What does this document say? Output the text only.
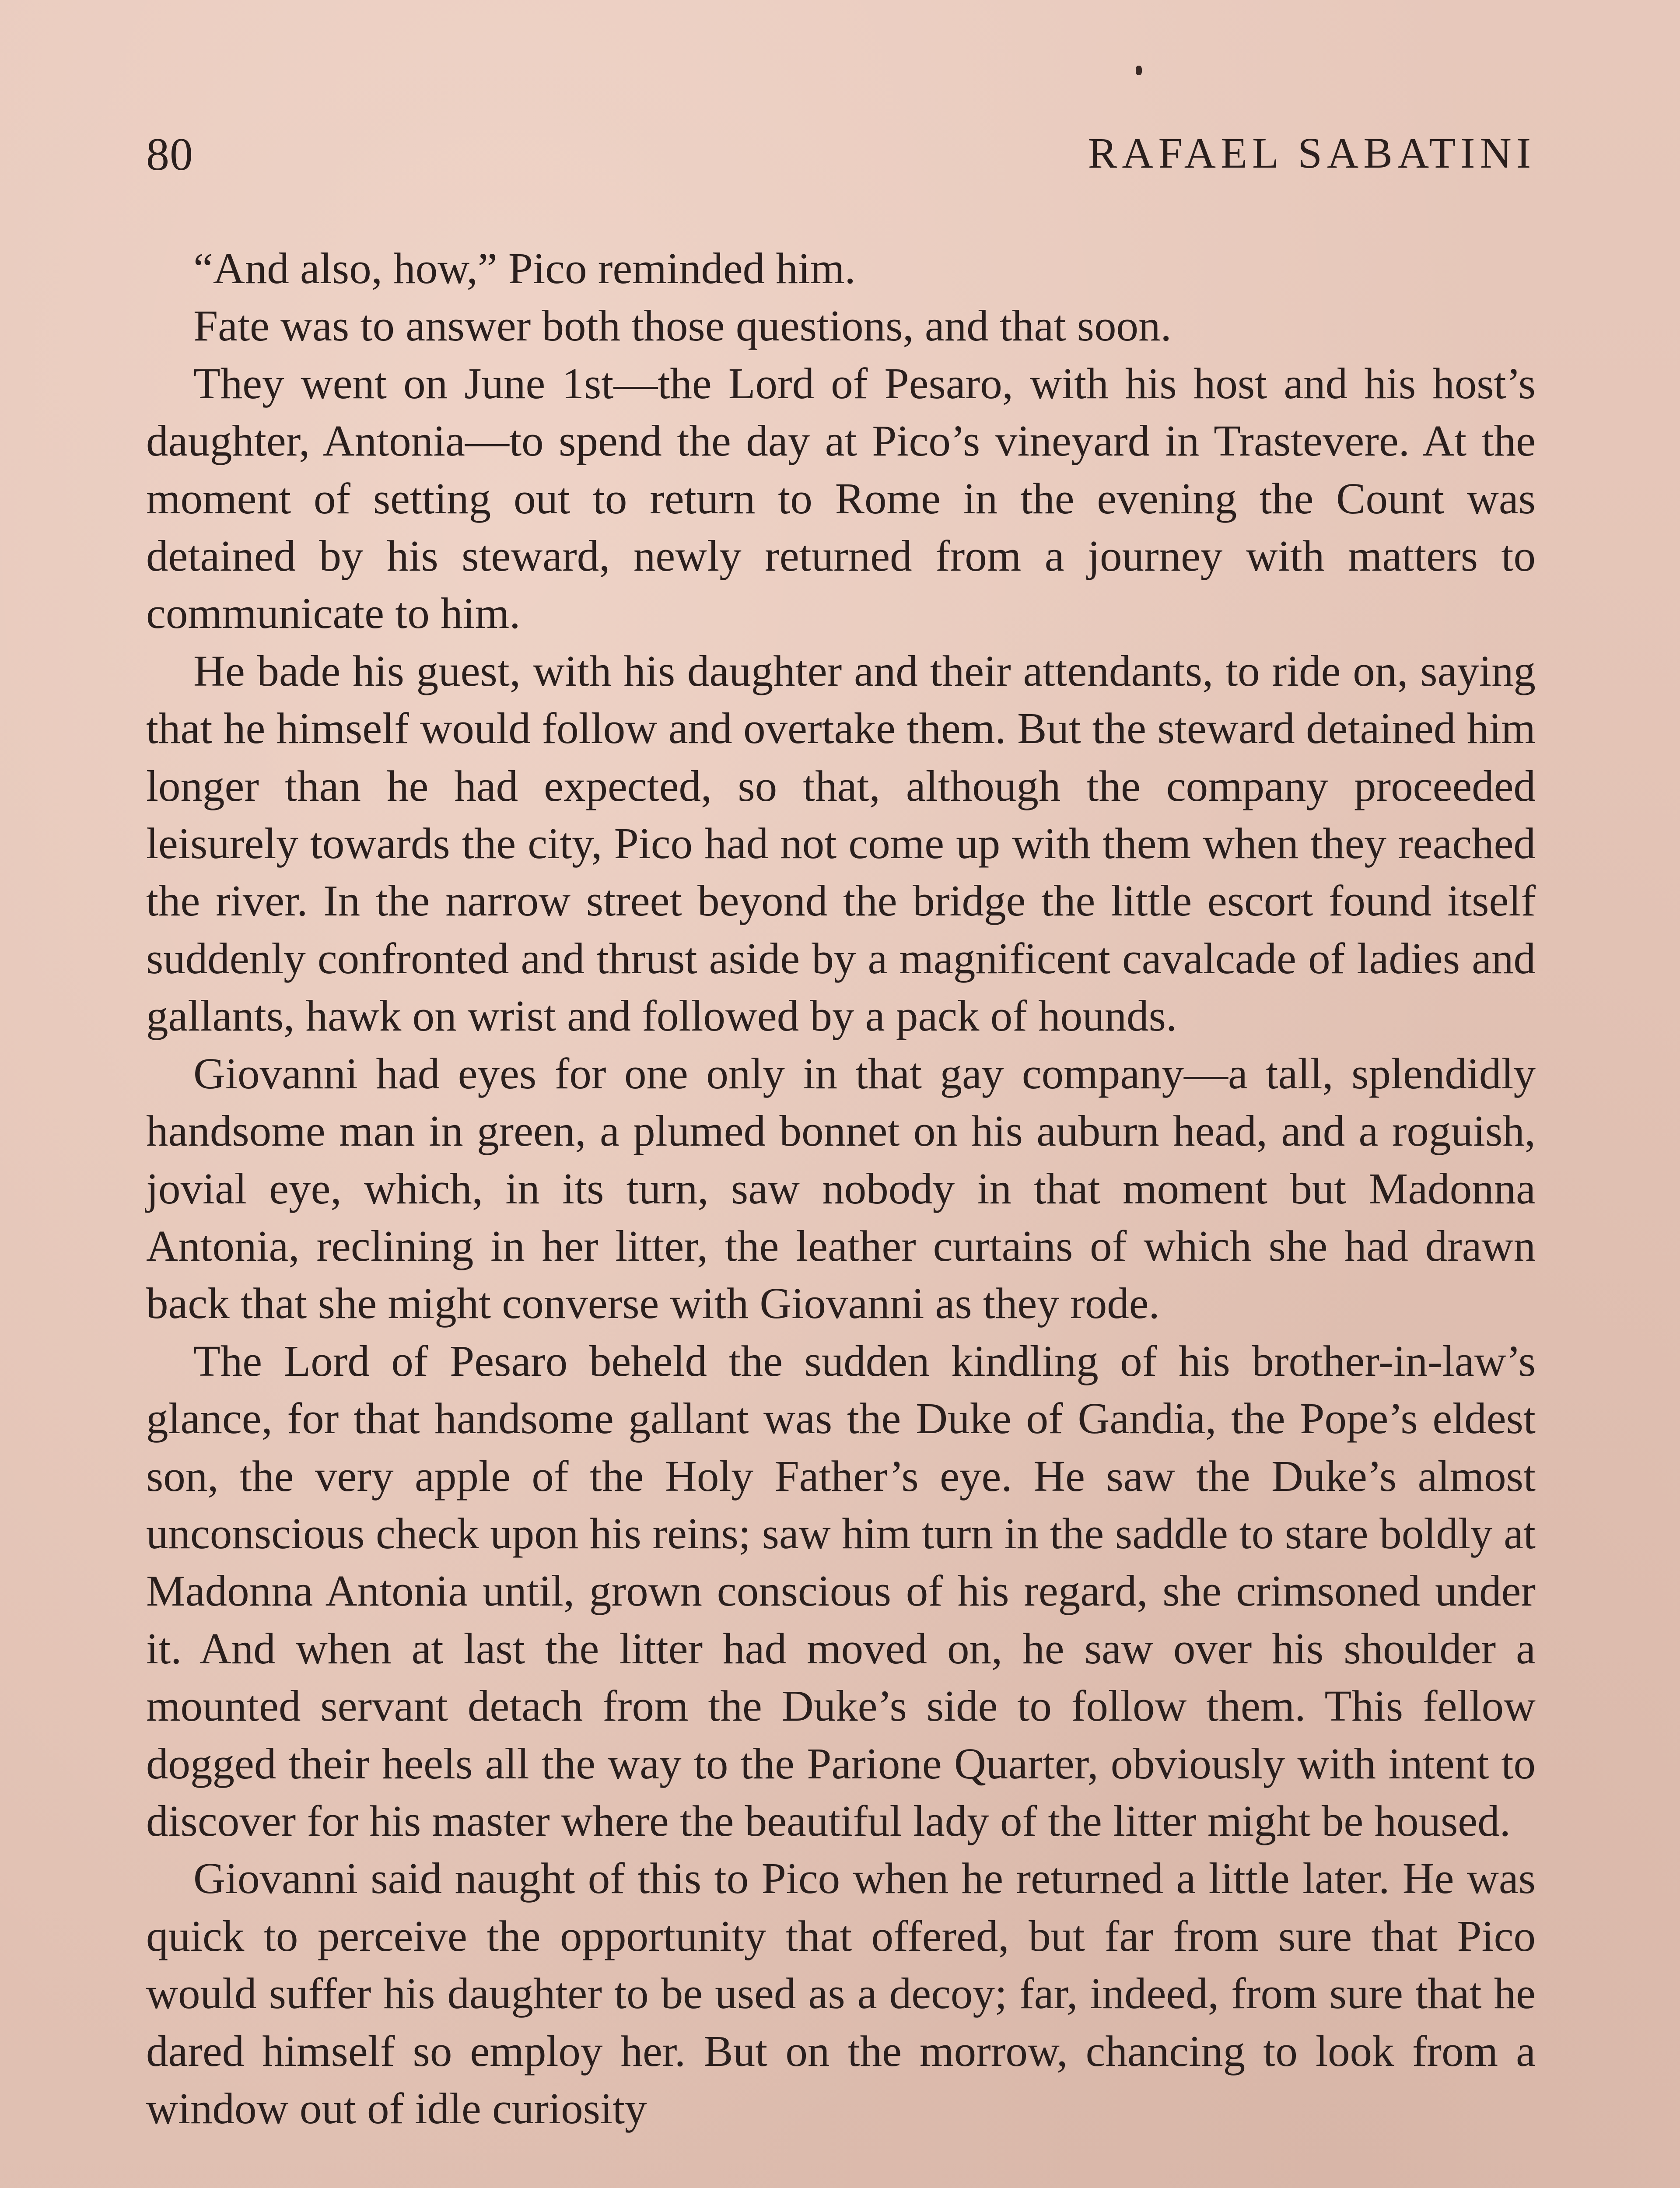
80	RAFAEL SABATINI

“And also, how,” Pico reminded him.

Fate was to answer both those questions, and that soon.

They went on June 1st—the Lord of Pesaro, with his host and his host’s daughter, Antonia—to spend the day at Pico’s vineyard in Trastevere. At the moment of setting out to return to Rome in the evening the Count was detained by his steward, newly returned from a journey with matters to communicate to him.

He bade his guest, with his daughter and their attendants, to ride on, saying that he himself would follow and overtake them. But the steward detained him longer than he had expected, so that, although the company proceeded leisurely towards the city, Pico had not come up with them when they reached the river. In the narrow street beyond the bridge the little escort found itself suddenly confronted and thrust aside by a magnificent cavalcade of ladies and gallants, hawk on wrist and followed by a pack of hounds.

Giovanni had eyes for one only in that gay company—a tall, splendidly handsome man in green, a plumed bonnet on his auburn head, and a roguish, jovial eye, which, in its turn, saw nobody in that moment but Madonna Antonia, reclining in her litter, the leather curtains of which she had drawn back that she might converse with Giovanni as they rode.

The Lord of Pesaro beheld the sudden kindling of his brother-in-law’s glance, for that handsome gallant was the Duke of Gandia, the Pope’s eldest son, the very apple of the Holy Father’s eye. He saw the Duke’s almost unconscious check upon his reins; saw him turn in the saddle to stare boldly at Madonna Antonia until, grown conscious of his regard, she crimsoned under it. And when at last the litter had moved on, he saw over his shoulder a mounted servant detach from the Duke’s side to follow them. This fellow dogged their heels all the way to the Parione Quarter, obviously with intent to discover for his master where the beautiful lady of the litter might be housed.

Giovanni said naught of this to Pico when he returned a little later. He was quick to perceive the opportunity that offered, but far from sure that Pico would suffer his daughter to be used as a decoy; far, indeed, from sure that he dared himself so employ her. But on the morrow, chancing to look from a window out of idle curiosity
